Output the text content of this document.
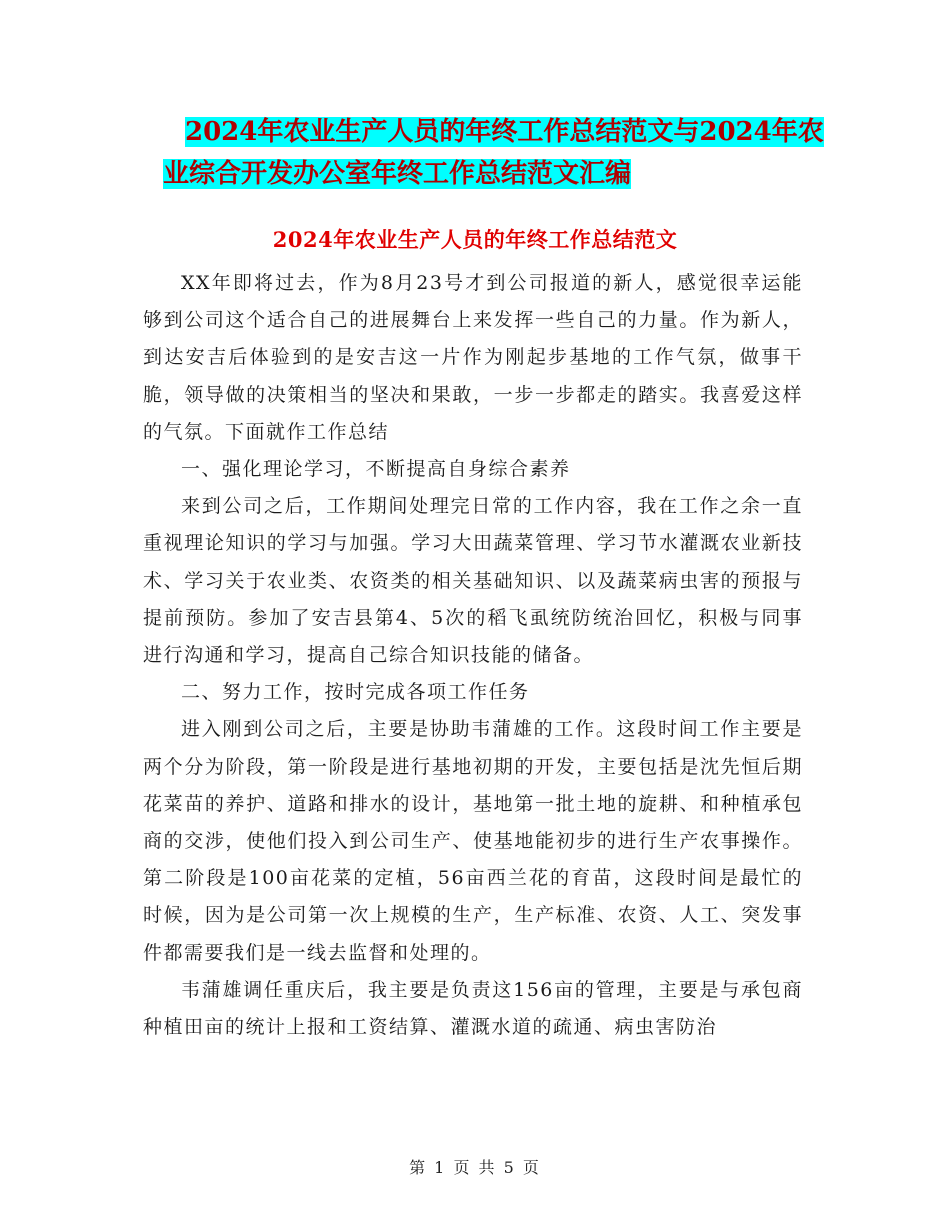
2024年农业生产人员的年终工作总结范文与2024年农
业综合开发办公室年终工作总结范文汇编
2024年农业生产人员的年终工作总结范文

XX年即将过去，作为8月23号才到公司报道的新人，感觉很幸运能够到公司这个适合自己的进展舞台上来发挥一些自己的力量。作为新人，到达安吉后体验到的是安吉这一片作为刚起步基地的工作气氛，做事干脆，领导做的决策相当的坚决和果敢，一步一步都走的踏实。我喜爱这样的气氛。下面就作工作总结

一、强化理论学习，不断提高自身综合素养

来到公司之后，工作期间处理完日常的工作内容，我在工作之余一直重视理论知识的学习与加强。学习大田蔬菜管理、学习节水灌溉农业新技术、学习关于农业类、农资类的相关基础知识、以及蔬菜病虫害的预报与提前预防。参加了安吉县第4、5次的稻飞虱统防统治回忆，积极与同事进行沟通和学习，提高自己综合知识技能的储备。

二、努力工作，按时完成各项工作任务

进入刚到公司之后，主要是协助韦蒲雄的工作。这段时间工作主要是两个分为阶段，第一阶段是进行基地初期的开发，主要包括是沈先恒后期花菜苗的养护、道路和排水的设计，基地第一批土地的旋耕、和种植承包商的交涉，使他们投入到公司生产、使基地能初步的进行生产农事操作。第二阶段是100亩花菜的定植，56亩西兰花的育苗，这段时间是最忙的时候，因为是公司第一次上规模的生产，生产标准、农资、人工、突发事件都需要我们是一线去监督和处理的。

韦蒲雄调任重庆后，我主要是负责这156亩的管理，主要是与承包商种植田亩的统计上报和工资结算、灌溉水道的疏通、病虫害防治

第 1 页 共 5 页
